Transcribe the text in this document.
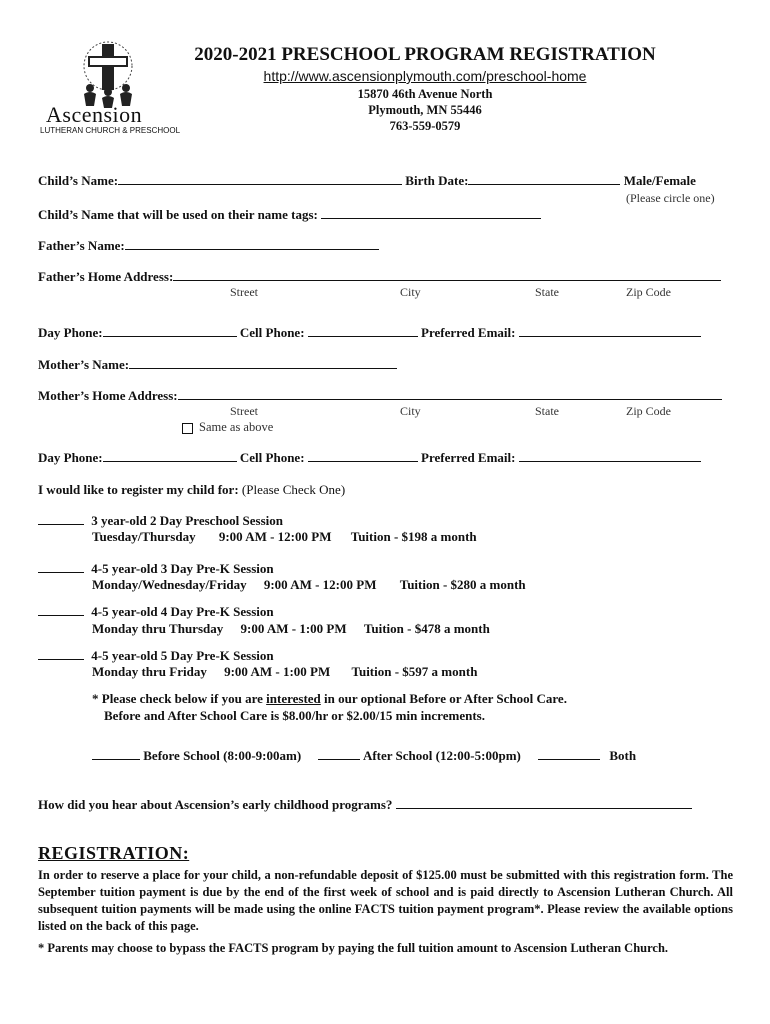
Ascension
LUTHERAN CHURCH & PRESCHOOL
2020-2021 PRESCHOOL PROGRAM REGISTRATION
http://www.ascensionplymouth.com/preschool-home
15870 46th Avenue North
Plymouth, MN 55446
763-559-0579
Child’s Name:	Birth Date:	Male/Female
(Please circle one)
Child’s Name that will be used on their name tags:
Father’s Name:
Father’s Home Address:
Street	City	State	Zip Code
Day Phone:	Cell Phone:	Preferred Email:
Mother’s Name:
Mother’s Home Address:
Street	City	State	Zip Code
Same as above
Day Phone:	Cell Phone:	Preferred Email:
I would like to register my child for: (Please Check One)
3 year-old 2 Day Preschool Session
Tuesday/Thursday 9:00 AM - 12:00 PM Tuition - $198 a month
4-5 year-old 3 Day Pre-K Session
Monday/Wednesday/Friday 9:00 AM - 12:00 PM Tuition - $280 a month
4-5 year-old 4 Day Pre-K Session
Monday thru Thursday 9:00 AM - 1:00 PM Tuition - $478 a month
4-5 year-old 5 Day Pre-K Session
Monday thru Friday 9:00 AM - 1:00 PM Tuition - $597 a month
* Please check below if you are interested in our optional Before or After School Care.
Before and After School Care is $8.00/hr or $2.00/15 min increments.
Before School (8:00-9:00am)	After School (12:00-5:00pm)	Both
How did you hear about Ascension’s early childhood programs?
REGISTRATION:
In order to reserve a place for your child, a non-refundable deposit of $125.00 must be submitted with this registration form. The September tuition payment is due by the end of the first week of school and is paid directly to Ascension Lutheran Church. All subsequent tuition payments will be made using the online FACTS tuition payment program*. Please review the available options listed on the back of this page.
* Parents may choose to bypass the FACTS program by paying the full tuition amount to Ascension Lutheran Church.
